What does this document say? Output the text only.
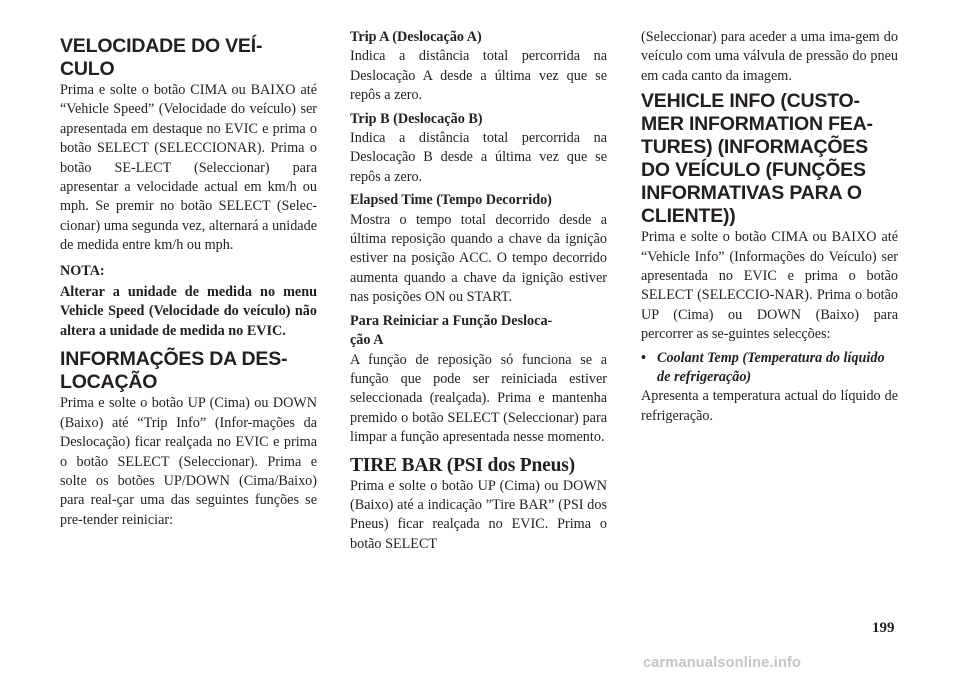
VELOCIDADE DO VEÍ-
CULO

Prima e solte o botão CIMA ou BAIXO até “Vehicle Speed” (Velocidade do veículo) ser apresentada em destaque no EVIC e prima o botão SELECT (SELECCIONAR). Prima o botão SE-LECT (Seleccionar) para apresentar a velocidade actual em km/h ou mph. Se premir no botão SELECT (Selec-cionar) uma segunda vez, alternará a unidade de medida entre km/h ou mph.

NOTA:

Alterar a unidade de medida no menu Vehicle Speed (Velocidade do veículo) não altera a unidade de medida no EVIC.

INFORMAÇÕES DA DES-
LOCAÇÃO

Prima e solte o botão UP (Cima) ou DOWN (Baixo) até “Trip Info” (Infor-mações da Deslocação) ficar realçada no EVIC e prima o botão SELECT (Seleccionar). Prima e solte os botões UP/DOWN (Cima/Baixo) para real-çar uma das seguintes funções se pre-tender reiniciar:

Trip A (Deslocação A)

Indica a distância total percorrida na Deslocação A desde a última vez que se repôs a zero.

Trip B (Deslocação B)

Indica a distância total percorrida na Deslocação B desde a última vez que se repôs a zero.

Elapsed Time (Tempo Decorrido)

Mostra o tempo total decorrido desde a última reposição quando a chave da ignição estiver na posição ACC. O tempo decorrido aumenta quando a chave da ignição estiver nas posições ON ou START.

Para Reiniciar a Função Desloca-
ção A

A função de reposição só funciona se a função que pode ser reiniciada estiver seleccionada (realçada). Prima e mantenha premido o botão SELECT (Seleccionar) para limpar a função apresentada nesse momento.

TIRE BAR (PSI dos Pneus)

Prima e solte o botão UP (Cima) ou DOWN (Baixo) até a indicação ”Tire BAR” (PSI dos Pneus) ficar realçada no EVIC. Prima o botão SELECT

(Seleccionar) para aceder a uma ima-gem do veículo com uma válvula de pressão do pneu em cada canto da imagem.

VEHICLE INFO (CUSTO-
MER INFORMATION FEA-
TURES) (INFORMAÇÕES
DO VEÍCULO (FUNÇÕES
INFORMATIVAS PARA O
CLIENTE))

Prima e solte o botão CIMA ou BAIXO até “Vehicle Info” (Informações do Veículo) ser apresentada no EVIC e prima o botão SELECT (SELECCIO-NAR). Prima o botão UP (Cima) ou DOWN (Baixo) para percorrer as se-guintes selecções:

• Coolant Temp (Temperatura do líquido de refrigeração)

Apresenta a temperatura actual do líquido de refrigeração.

199
carmanualsonline.info
